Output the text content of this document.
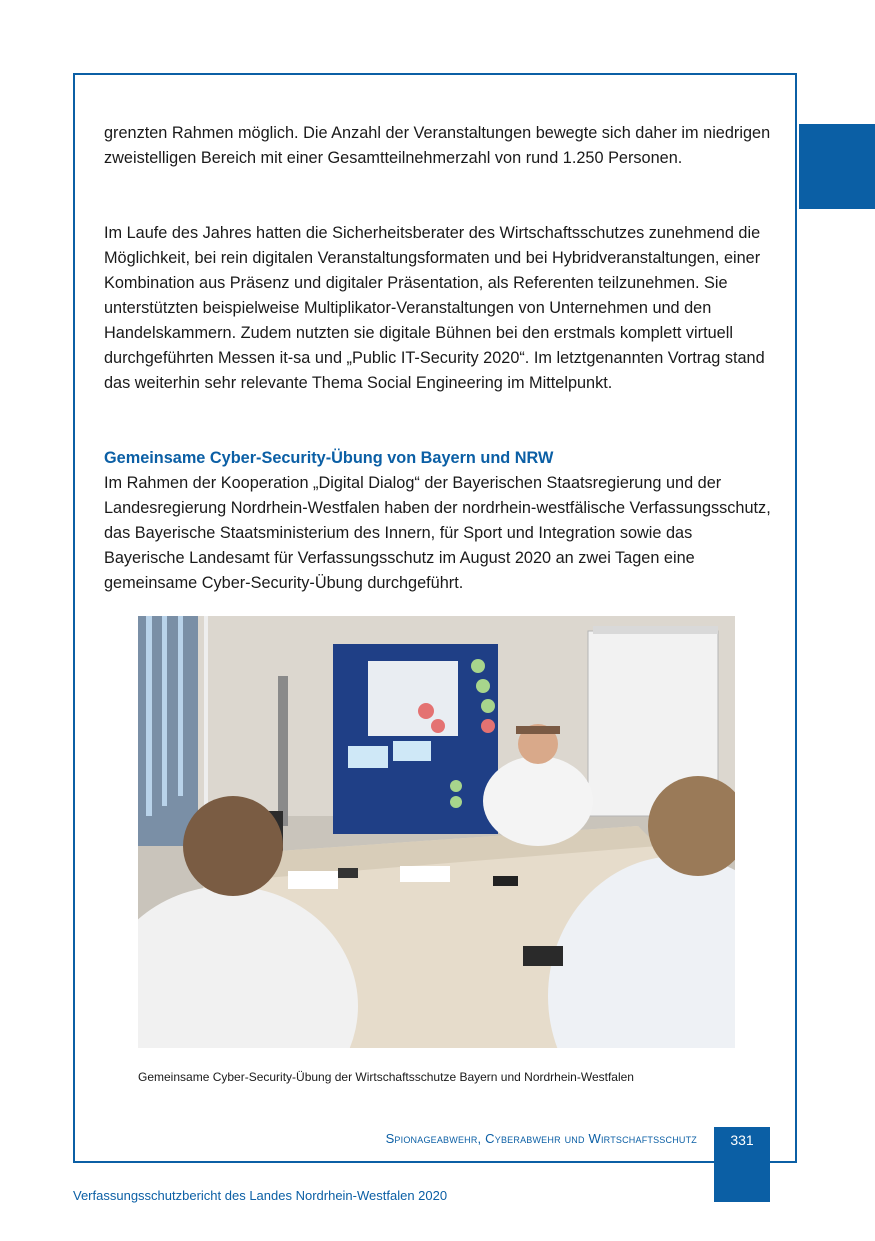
grenzten Rahmen möglich. Die Anzahl der Veranstaltungen bewegte sich daher im niedrigen zweistelligen Bereich mit einer Gesamtteilnehmerzahl von rund 1.250 Personen.

Im Laufe des Jahres hatten die Sicherheitsberater des Wirtschaftsschutzes zunehmend die Möglichkeit, bei rein digitalen Veranstaltungsformaten und bei Hybridveranstaltungen, einer Kombination aus Präsenz und digitaler Präsentation, als Referenten teilzunehmen. Sie unterstützten beispielweise Multiplikator-Veranstaltungen von Unternehmen und den Handelskammern. Zudem nutzten sie digitale Bühnen bei den erstmals komplett virtuell durchgeführten Messen it-sa und „Public IT-Security 2020“. Im letztgenannten Vortrag stand das weiterhin sehr relevante Thema Social Engineering im Mittelpunkt.

Gemeinsame Cyber-Security-Übung von Bayern und NRW

Im Rahmen der Kooperation „Digital Dialog“ der Bayerischen Staatsregierung und der Landesregierung Nordrhein-Westfalen haben der nordrhein-westfälische Verfassungsschutz, das Bayerische Staatsministerium des Innern, für Sport und Integration sowie das Bayerische Landesamt für Verfassungsschutz im August 2020 an zwei Tagen eine gemeinsame Cyber-Security-Übung durchgeführt.

Gemeinsame Cyber-Security-Übung der Wirtschaftsschutze Bayern und Nordrhein-Westfalen

Spionageabwehr, Cyberabwehr und Wirtschaftsschutz	331

Verfassungsschutzbericht des Landes Nordrhein-Westfalen 2020
